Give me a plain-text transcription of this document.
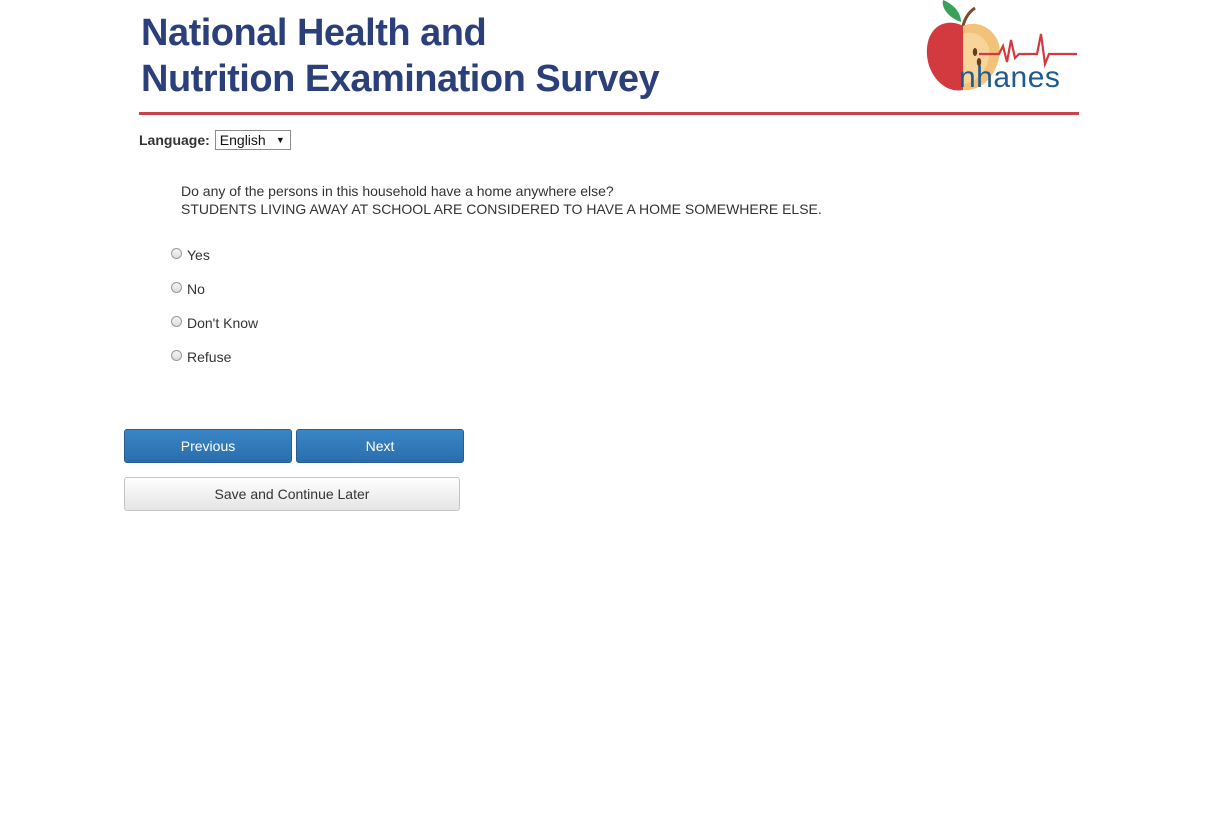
National Health and
Nutrition Examination Survey	nhanes
Language: English ▼

Do any of the persons in this household have a home anywhere else?

STUDENTS LIVING AWAY AT SCHOOL ARE CONSIDERED TO HAVE A HOME SOMEWHERE ELSE.

Yes
No
Don't Know
Refuse
Previous	Next
Save and Continue Later
